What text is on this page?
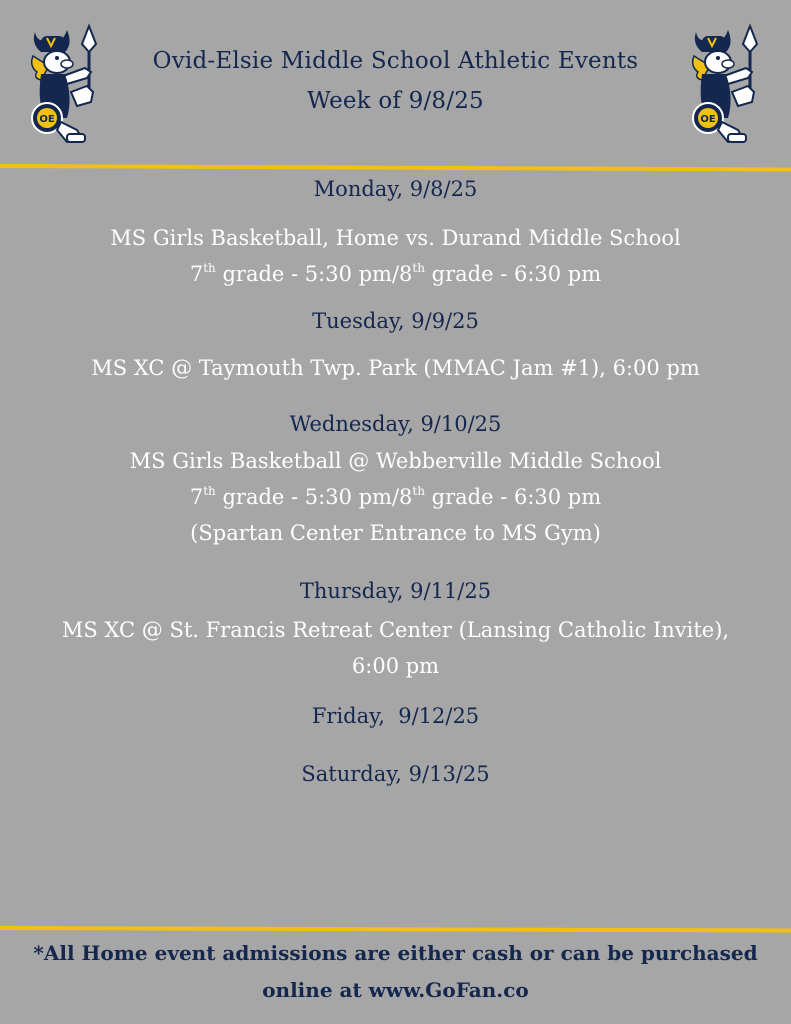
OE	OE
Ovid-Elsie Middle School Athletic Events
Week of 9/8/25
Monday, 9/8/25
MS Girls Basketball, Home vs. Durand Middle School
7th grade - 5:30 pm/8th grade - 6:30 pm
Tuesday, 9/9/25
MS XC @ Taymouth Twp. Park (MMAC Jam #1), 6:00 pm
Wednesday, 9/10/25
MS Girls Basketball @ Webberville Middle School
7th grade - 5:30 pm/8th grade - 6:30 pm
(Spartan Center Entrance to MS Gym)
Thursday, 9/11/25
MS XC @ St. Francis Retreat Center (Lansing Catholic Invite),
6:00 pm
Friday,  9/12/25
Saturday, 9/13/25
*All Home event admissions are either cash or can be purchased
online at www.GoFan.co
